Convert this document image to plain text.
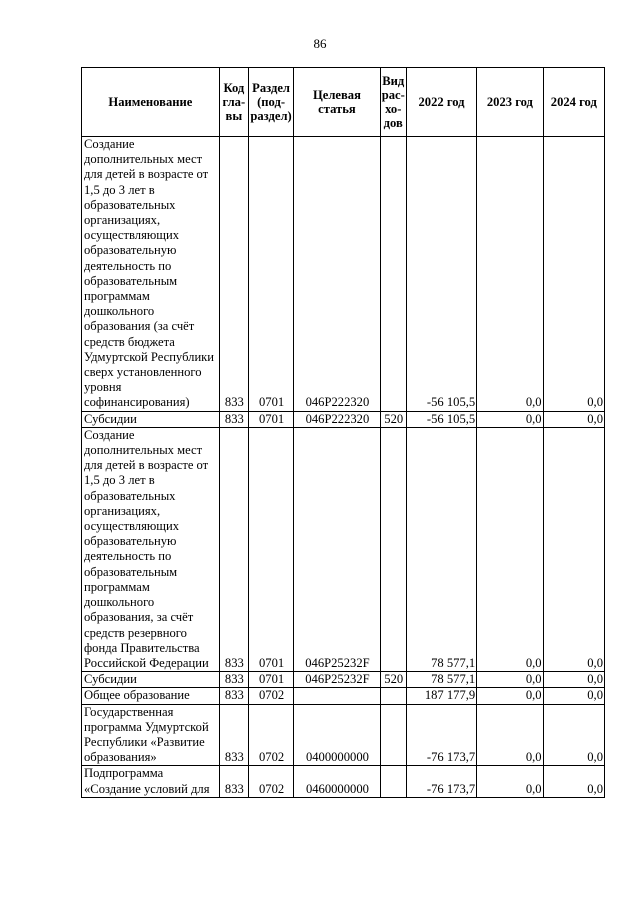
86
Наименование	Код гла-вы	Раздел (под-раздел)	Целевая статья	Вид рас-хо-дов	2022 год	2023 год	2024 год
Создание дополнительных мест для детей в возрасте от 1,5 до 3 лет в образовательных организациях, осуществляющих образовательную деятельность по образовательным программам дошкольного образования (за счёт средств бюджета Удмуртской Республики сверх установленного уровня софинансирования)	833	0701	046P222320		-56 105,5	0,0	0,0
Субсидии	833	0701	046P222320	520	-56 105,5	0,0	0,0
Создание дополнительных мест для детей в возрасте от 1,5 до 3 лет в образовательных организациях, осуществляющих образовательную деятельность по образовательным программам дошкольного образования, за счёт средств резервного фонда Правительства Российской Федерации	833	0701	046P25232F		78 577,1	0,0	0,0
Субсидии	833	0701	046P25232F	520	78 577,1	0,0	0,0
Общее образование	833	0702			187 177,9	0,0	0,0
Государственная программа Удмуртской Республики «Развитие образования»	833	0702	0400000000		-76 173,7	0,0	0,0
Подпрограмма «Создание условий для	833	0702	0460000000		-76 173,7	0,0	0,0
